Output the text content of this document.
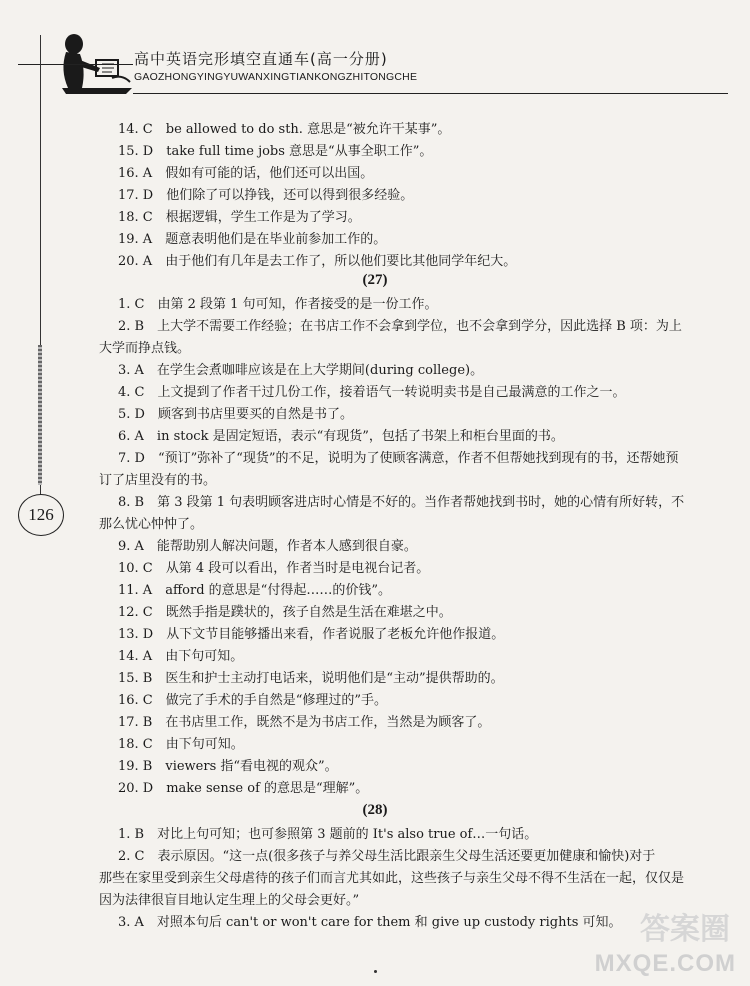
高中英语完形填空直通车(高一分册)
GAOZHONGYINGYUWANXINGTIANKONGZHITONGCHE
126
14. C　be allowed to do sth. 意思是“被允许干某事”。
15. D　take full time jobs 意思是“从事全职工作”。
16. A　假如有可能的话，他们还可以出国。
17. D　他们除了可以挣钱，还可以得到很多经验。
18. C　根据逻辑，学生工作是为了学习。
19. A　题意表明他们是在毕业前参加工作的。
20. A　由于他们有几年是去工作了，所以他们要比其他同学年纪大。
(27)
1. C　由第 2 段第 1 句可知，作者接受的是一份工作。
2. B　上大学不需要工作经验；在书店工作不会拿到学位，也不会拿到学分，因此选择 B 项：为上
大学而挣点钱。
3. A　在学生会煮咖啡应该是在上大学期间(during college)。
4. C　上文提到了作者干过几份工作，接着语气一转说明卖书是自己最满意的工作之一。
5. D　顾客到书店里要买的自然是书了。
6. A　in stock 是固定短语，表示“有现货”，包括了书架上和柜台里面的书。
7. D　“预订”弥补了“现货”的不足，说明为了使顾客满意，作者不但帮她找到现有的书，还帮她预
订了店里没有的书。
8. B　第 3 段第 1 句表明顾客进店时心情是不好的。当作者帮她找到书时，她的心情有所好转，不
那么忧心忡忡了。
9. A　能帮助别人解决问题，作者本人感到很自豪。
10. C　从第 4 段可以看出，作者当时是电视台记者。
11. A　afford 的意思是“付得起……的价钱”。
12. C　既然手指是蹼状的，孩子自然是生活在难堪之中。
13. D　从下文节目能够播出来看，作者说服了老板允许他作报道。
14. A　由下句可知。
15. B　医生和护士主动打电话来，说明他们是“主动”提供帮助的。
16. C　做完了手术的手自然是“修理过的”手。
17. B　在书店里工作，既然不是为书店工作，当然是为顾客了。
18. C　由下句可知。
19. B　viewers 指“看电视的观众”。
20. D　make sense of 的意思是“理解”。
(28)
1. B　对比上句可知；也可参照第 3 题前的 It's also true of…一句话。
2. C　表示原因。“这一点(很多孩子与养父母生活比跟亲生父母生活还要更加健康和愉快)对于
那些在家里受到亲生父母虐待的孩子们而言尤其如此，这些孩子与亲生父母不得不生活在一起，仅仅是
因为法律很盲目地认定生理上的父母会更好。”
3. A　对照本句后 can't or won't care for them 和 give up custody rights 可知。 答案圈
MXQE.COM
